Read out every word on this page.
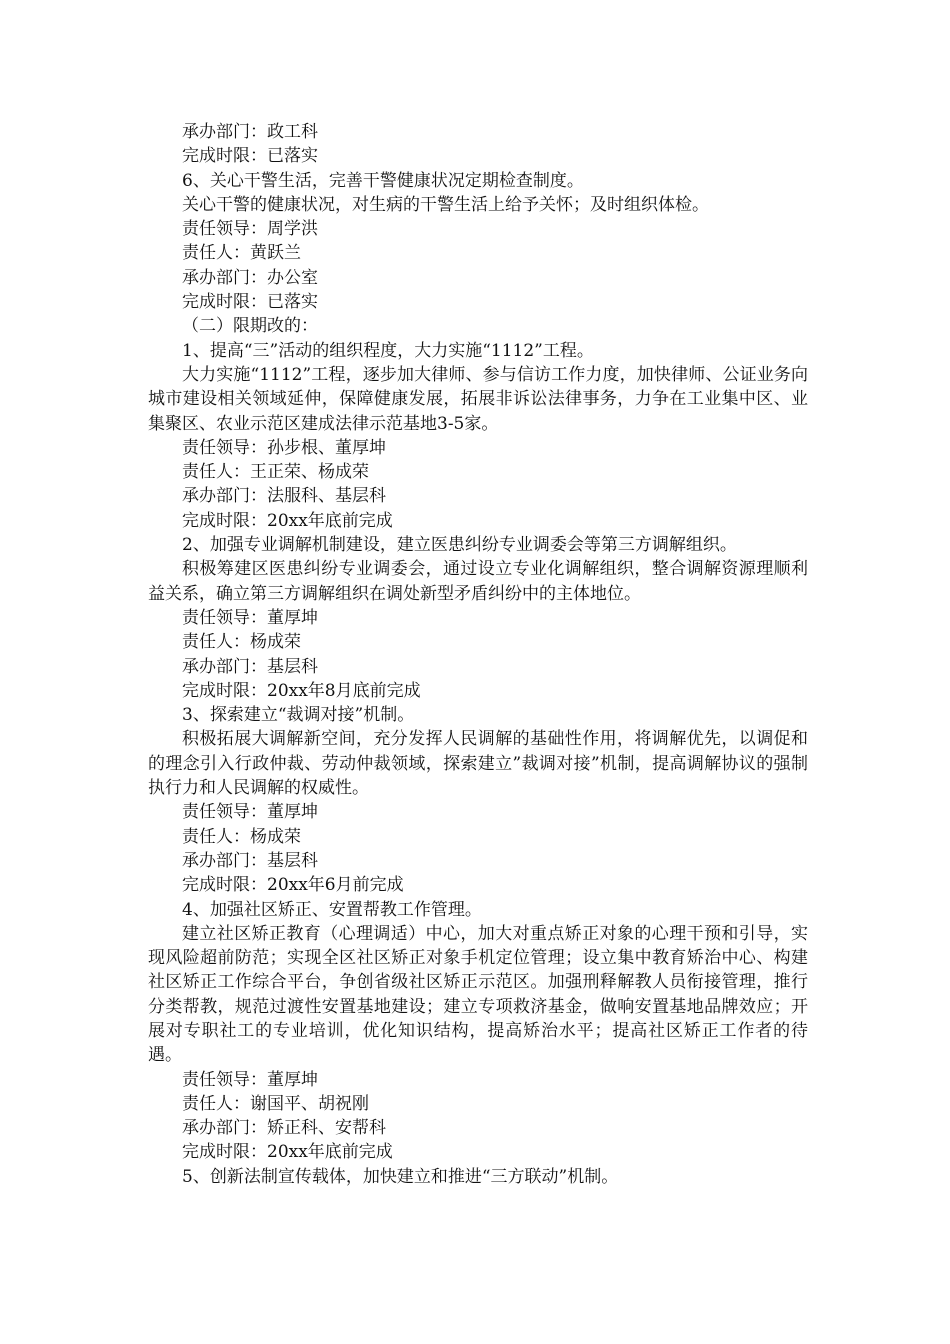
承办部门：政工科
完成时限：已落实
6、关心干警生活，完善干警健康状况定期检查制度。
关心干警的健康状况，对生病的干警生活上给予关怀；及时组织体检。
责任领导：周学洪
责任人：黄跃兰
承办部门：办公室
完成时限：已落实
（二）限期改的：
1、提高“三”活动的组织程度，大力实施“1112”工程。
大力实施“1112”工程，逐步加大律师、参与信访工作力度，加快律师、公证业务向城市建设相关领域延伸，保障健康发展，拓展非诉讼法律事务，力争在工业集中区、业集聚区、农业示范区建成法律示范基地3-5家。
责任领导：孙步根、董厚坤
责任人：王正荣、杨成荣
承办部门：法服科、基层科
完成时限：20xx年底前完成
2、加强专业调解机制建设，建立医患纠纷专业调委会等第三方调解组织。
积极筹建区医患纠纷专业调委会，通过设立专业化调解组织，整合调解资源理顺利益关系，确立第三方调解组织在调处新型矛盾纠纷中的主体地位。
责任领导：董厚坤
责任人：杨成荣
承办部门：基层科
完成时限：20xx年8月底前完成
3、探索建立“裁调对接”机制。
积极拓展大调解新空间，充分发挥人民调解的基础性作用，将调解优先，以调促和的理念引入行政仲裁、劳动仲裁领域，探索建立”裁调对接”机制，提高调解协议的强制执行力和人民调解的权威性。
责任领导：董厚坤
责任人：杨成荣
承办部门：基层科
完成时限：20xx年6月前完成
4、加强社区矫正、安置帮教工作管理。
建立社区矫正教育（心理调适）中心，加大对重点矫正对象的心理干预和引导，实现风险超前防范；实现全区社区矫正对象手机定位管理；设立集中教育矫治中心、构建社区矫正工作综合平台，争创省级社区矫正示范区。加强刑释解教人员衔接管理，推行分类帮教，规范过渡性安置基地建设；建立专项救济基金，做响安置基地品牌效应；开展对专职社工的专业培训，优化知识结构，提高矫治水平；提高社区矫正工作者的待遇。
责任领导：董厚坤
责任人：谢国平、胡祝刚
承办部门：矫正科、安帮科
完成时限：20xx年底前完成
5、创新法制宣传载体，加快建立和推进“三方联动”机制。
